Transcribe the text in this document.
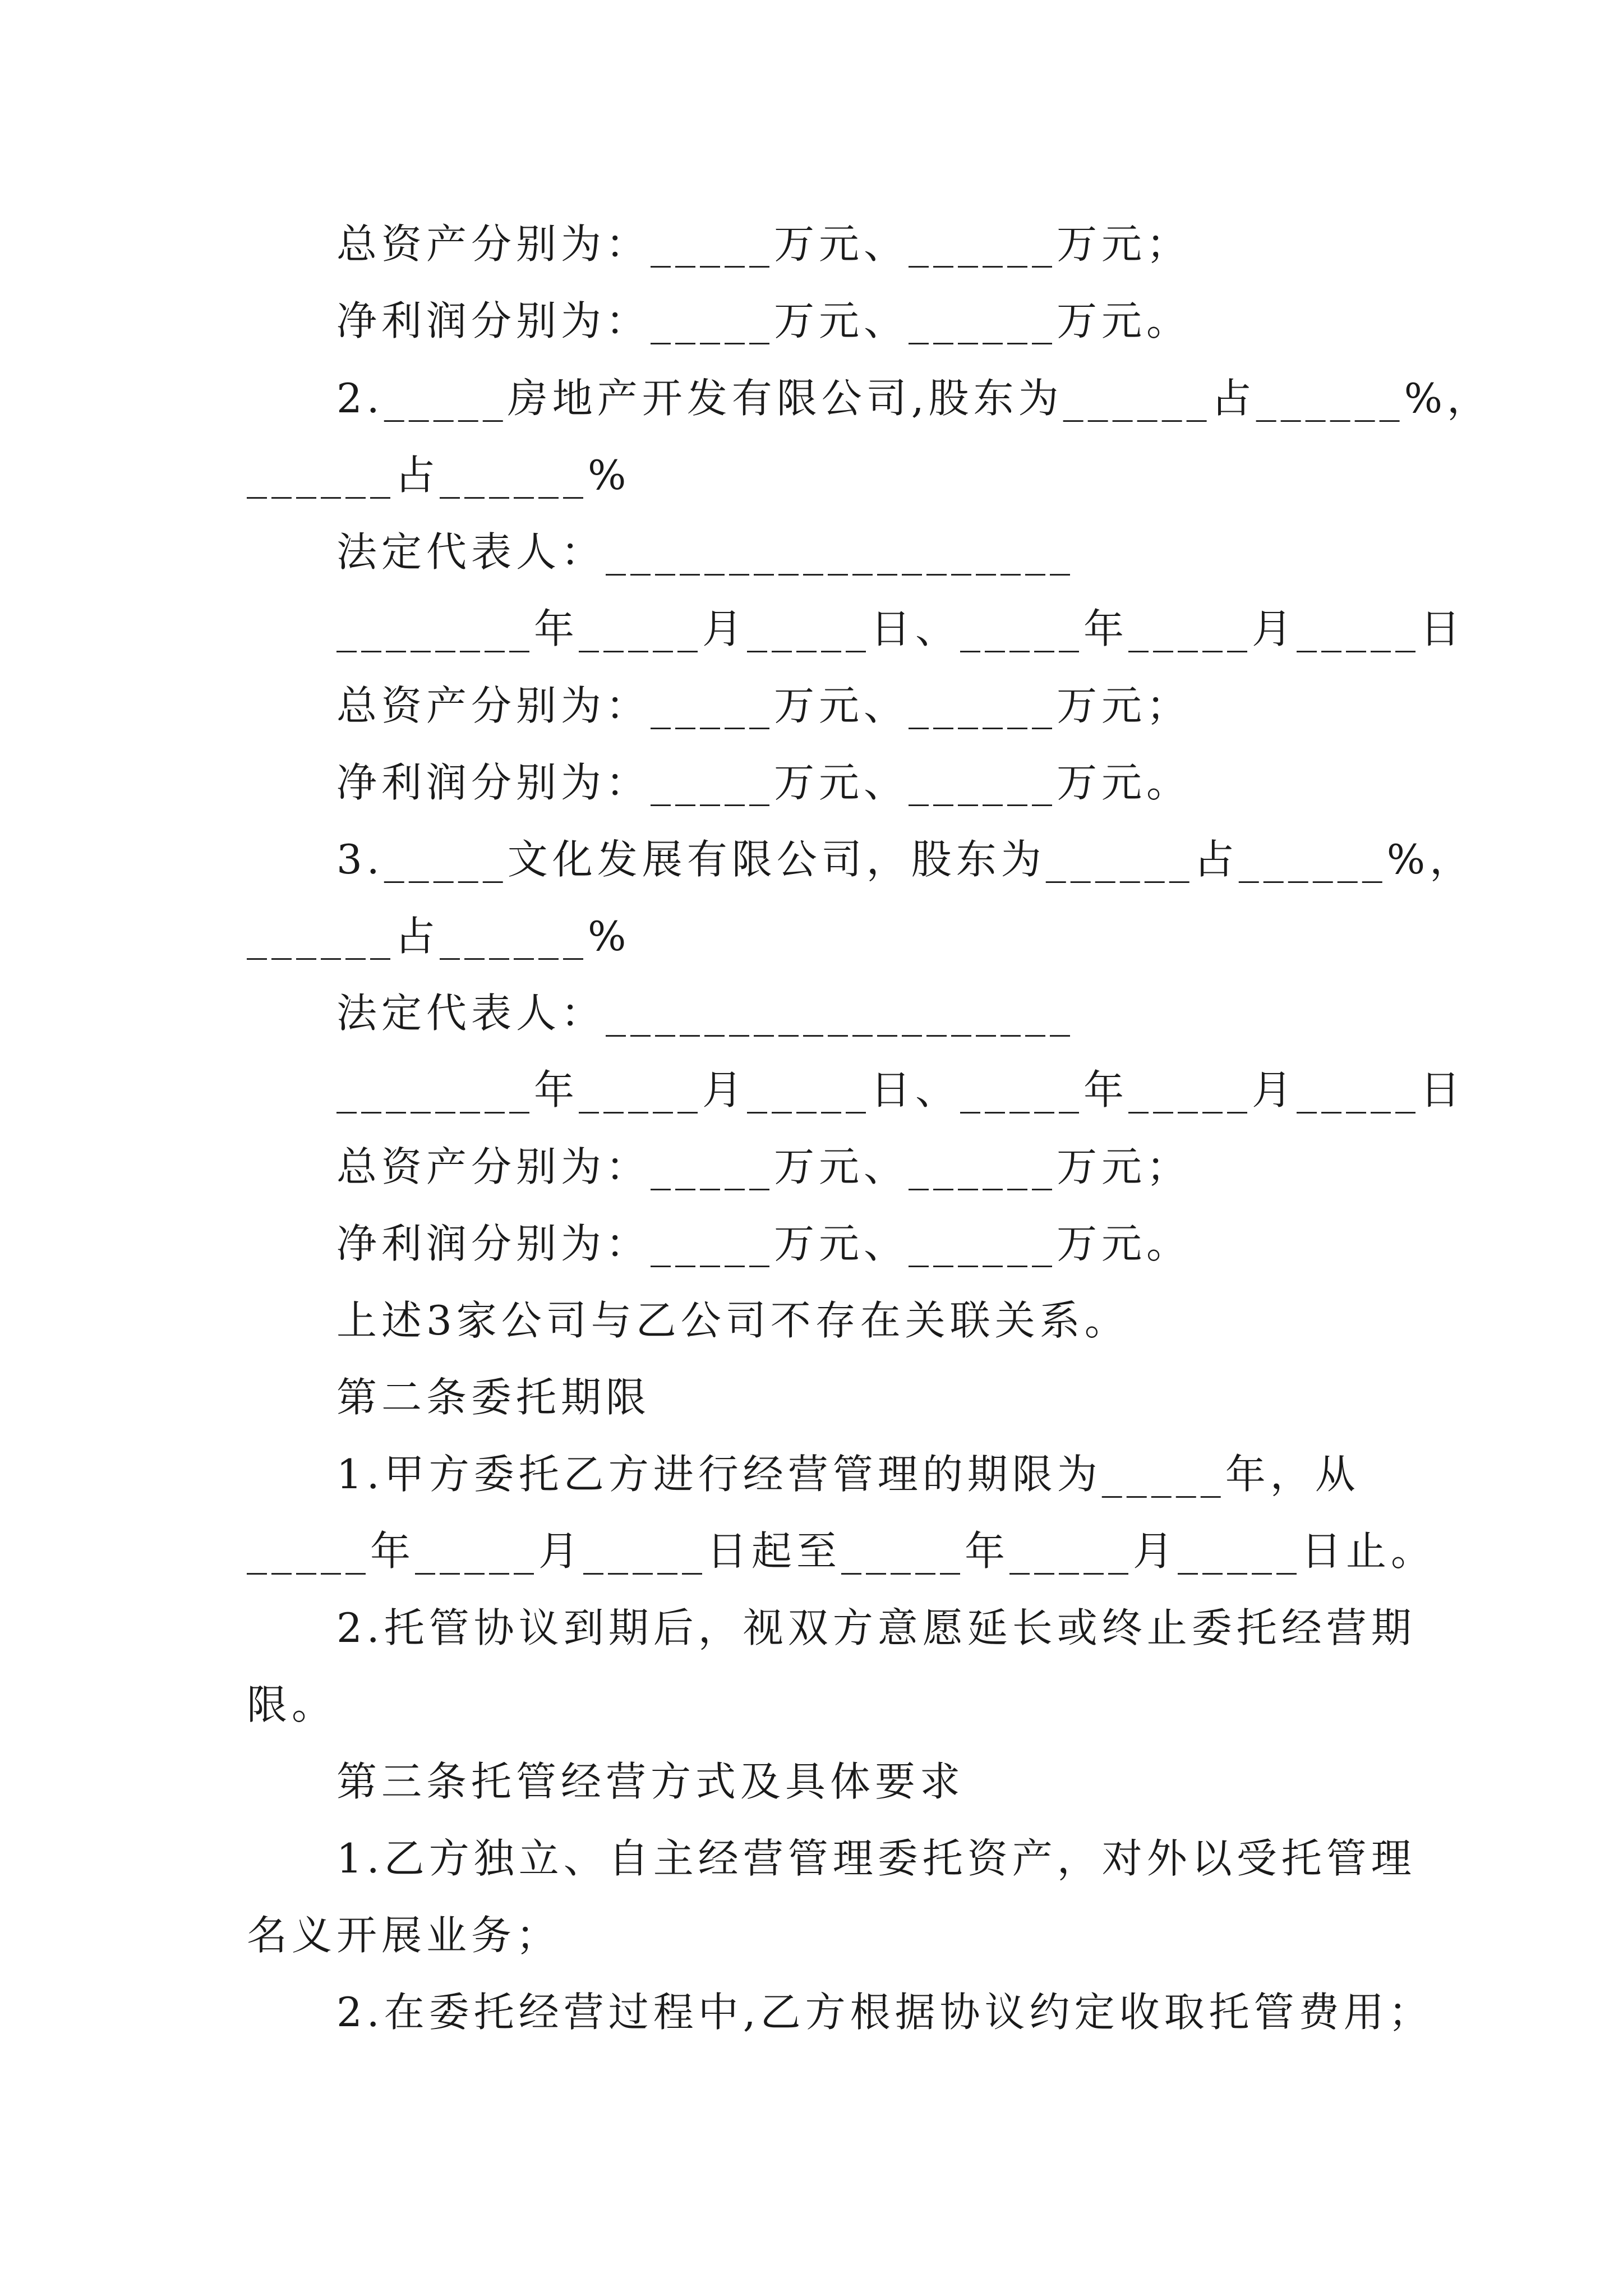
总资产分别为：_____万元、______万元；
净利润分别为：_____万元、______万元。
2._____房地产开发有限公司,股东为______占______%，
______占______%
法定代表人：___________________
________年_____月_____日、_____年_____月_____日
总资产分别为：_____万元、______万元；
净利润分别为：_____万元、______万元。
3._____文化发展有限公司，股东为______占______%，
______占______%
法定代表人：___________________
________年_____月_____日、_____年_____月_____日
总资产分别为：_____万元、______万元；
净利润分别为：_____万元、______万元。
上述3家公司与乙公司不存在关联关系。
第二条委托期限
1.甲方委托乙方进行经营管理的期限为_____年，从
_____年_____月_____日起至_____年_____月_____日止。
2.托管协议到期后，视双方意愿延长或终止委托经营期
限。
第三条托管经营方式及具体要求
1.乙方独立、自主经营管理委托资产，对外以受托管理
名义开展业务；
2.在委托经营过程中,乙方根据协议约定收取托管费用；
